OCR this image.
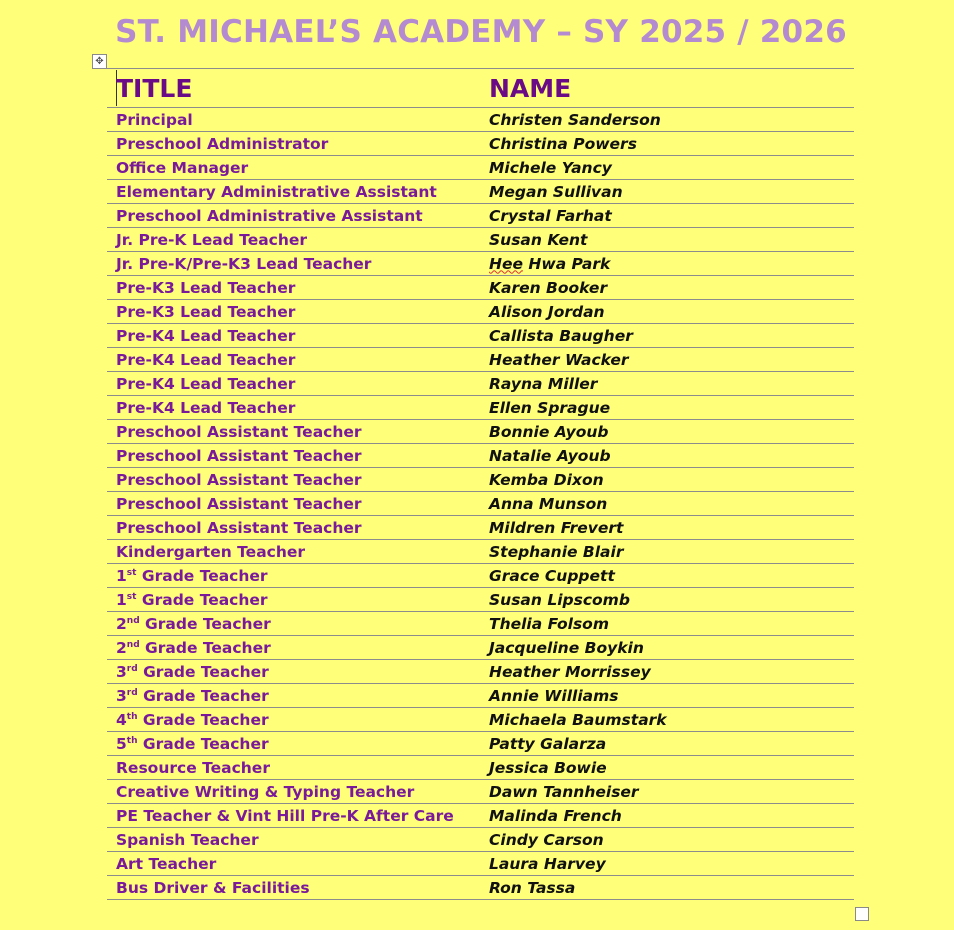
ST. MICHAEL’S ACADEMY – SY 2025 / 2026
✥
TITLE	NAME
Principal	Christen Sanderson
Preschool Administrator	Christina Powers
Office Manager	Michele Yancy
Elementary Administrative Assistant	Megan Sullivan
Preschool Administrative Assistant	Crystal Farhat
Jr. Pre-K Lead Teacher	Susan Kent
Jr. Pre-K/Pre-K3 Lead Teacher	Hee Hwa Park
Pre-K3 Lead Teacher	Karen Booker
Pre-K3 Lead Teacher	Alison Jordan
Pre-K4 Lead Teacher	Callista Baugher
Pre-K4 Lead Teacher	Heather Wacker
Pre-K4 Lead Teacher	Rayna Miller
Pre-K4 Lead Teacher	Ellen Sprague
Preschool Assistant Teacher	Bonnie Ayoub
Preschool Assistant Teacher	Natalie Ayoub
Preschool Assistant Teacher	Kemba Dixon
Preschool Assistant Teacher	Anna Munson
Preschool Assistant Teacher	Mildren Frevert
Kindergarten Teacher	Stephanie Blair
1st Grade Teacher	Grace Cuppett
1st Grade Teacher	Susan Lipscomb
2nd Grade Teacher	Thelia Folsom
2nd Grade Teacher	Jacqueline Boykin
3rd Grade Teacher	Heather Morrissey
3rd Grade Teacher	Annie Williams
4th Grade Teacher	Michaela Baumstark
5th Grade Teacher	Patty Galarza
Resource Teacher	Jessica Bowie
Creative Writing & Typing Teacher	Dawn Tannheiser
PE Teacher & Vint Hill Pre-K After Care	Malinda French
Spanish Teacher	Cindy Carson
Art Teacher	Laura Harvey
Bus Driver & Facilities	Ron Tassa
